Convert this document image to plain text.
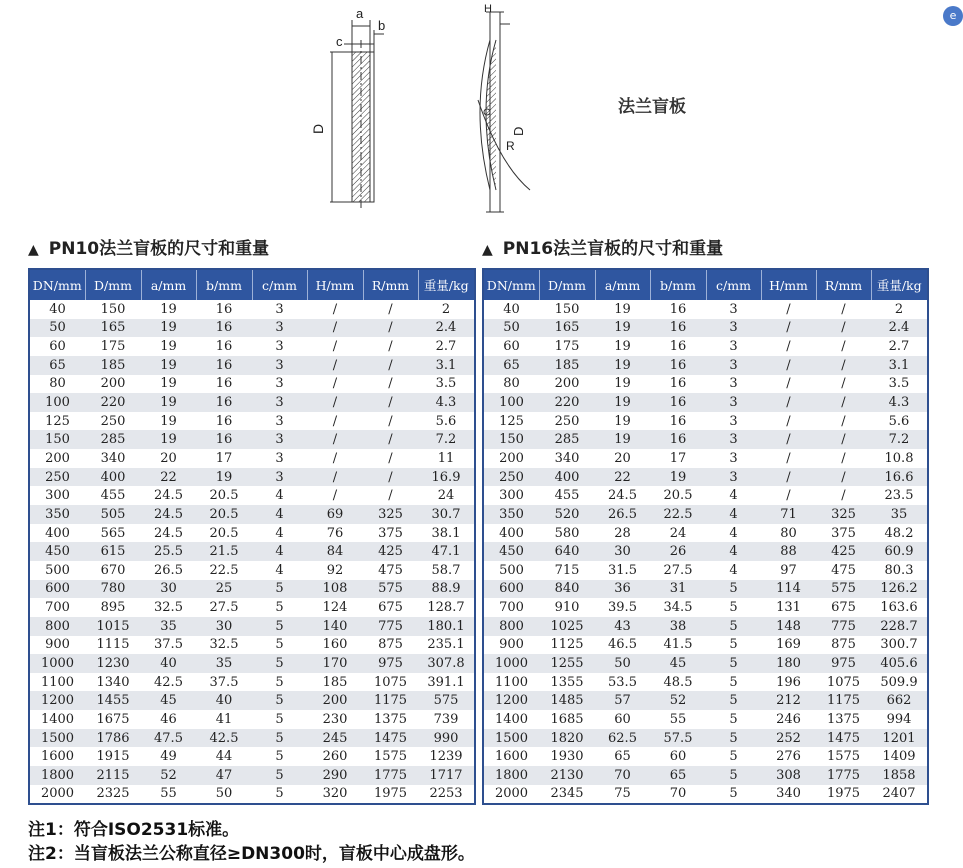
a
b
c
D
H
R
D
法兰盲板
e
▲ PN10法兰盲板的尺寸和重量
DN/mm	D/mm	a/mm	b/mm	c/mm	H/mm	R/mm	重量/kg
40	150	19	16	3	/	/	2
50	165	19	16	3	/	/	2.4
60	175	19	16	3	/	/	2.7
65	185	19	16	3	/	/	3.1
80	200	19	16	3	/	/	3.5
100	220	19	16	3	/	/	4.3
125	250	19	16	3	/	/	5.6
150	285	19	16	3	/	/	7.2
200	340	20	17	3	/	/	11
250	400	22	19	3	/	/	16.9
300	455	24.5	20.5	4	/	/	24
350	505	24.5	20.5	4	69	325	30.7
400	565	24.5	20.5	4	76	375	38.1
450	615	25.5	21.5	4	84	425	47.1
500	670	26.5	22.5	4	92	475	58.7
600	780	30	25	5	108	575	88.9
700	895	32.5	27.5	5	124	675	128.7
800	1015	35	30	5	140	775	180.1
900	1115	37.5	32.5	5	160	875	235.1
1000	1230	40	35	5	170	975	307.8
1100	1340	42.5	37.5	5	185	1075	391.1
1200	1455	45	40	5	200	1175	575
1400	1675	46	41	5	230	1375	739
1500	1786	47.5	42.5	5	245	1475	990
1600	1915	49	44	5	260	1575	1239
1800	2115	52	47	5	290	1775	1717
2000	2325	55	50	5	320	1975	2253
▲ PN16法兰盲板的尺寸和重量
DN/mm	D/mm	a/mm	b/mm	c/mm	H/mm	R/mm	重量/kg
40	150	19	16	3	/	/	2
50	165	19	16	3	/	/	2.4
60	175	19	16	3	/	/	2.7
65	185	19	16	3	/	/	3.1
80	200	19	16	3	/	/	3.5
100	220	19	16	3	/	/	4.3
125	250	19	16	3	/	/	5.6
150	285	19	16	3	/	/	7.2
200	340	20	17	3	/	/	10.8
250	400	22	19	3	/	/	16.6
300	455	24.5	20.5	4	/	/	23.5
350	520	26.5	22.5	4	71	325	35
400	580	28	24	4	80	375	48.2
450	640	30	26	4	88	425	60.9
500	715	31.5	27.5	4	97	475	80.3
600	840	36	31	5	114	575	126.2
700	910	39.5	34.5	5	131	675	163.6
800	1025	43	38	5	148	775	228.7
900	1125	46.5	41.5	5	169	875	300.7
1000	1255	50	45	5	180	975	405.6
1100	1355	53.5	48.5	5	196	1075	509.9
1200	1485	57	52	5	212	1175	662
1400	1685	60	55	5	246	1375	994
1500	1820	62.5	57.5	5	252	1475	1201
1600	1930	65	60	5	276	1575	1409
1800	2130	70	65	5	308	1775	1858
2000	2345	75	70	5	340	1975	2407
注1：符合ISO2531标准。
注2：当盲板法兰公称直径≥DN300时，盲板中心成盘形。
